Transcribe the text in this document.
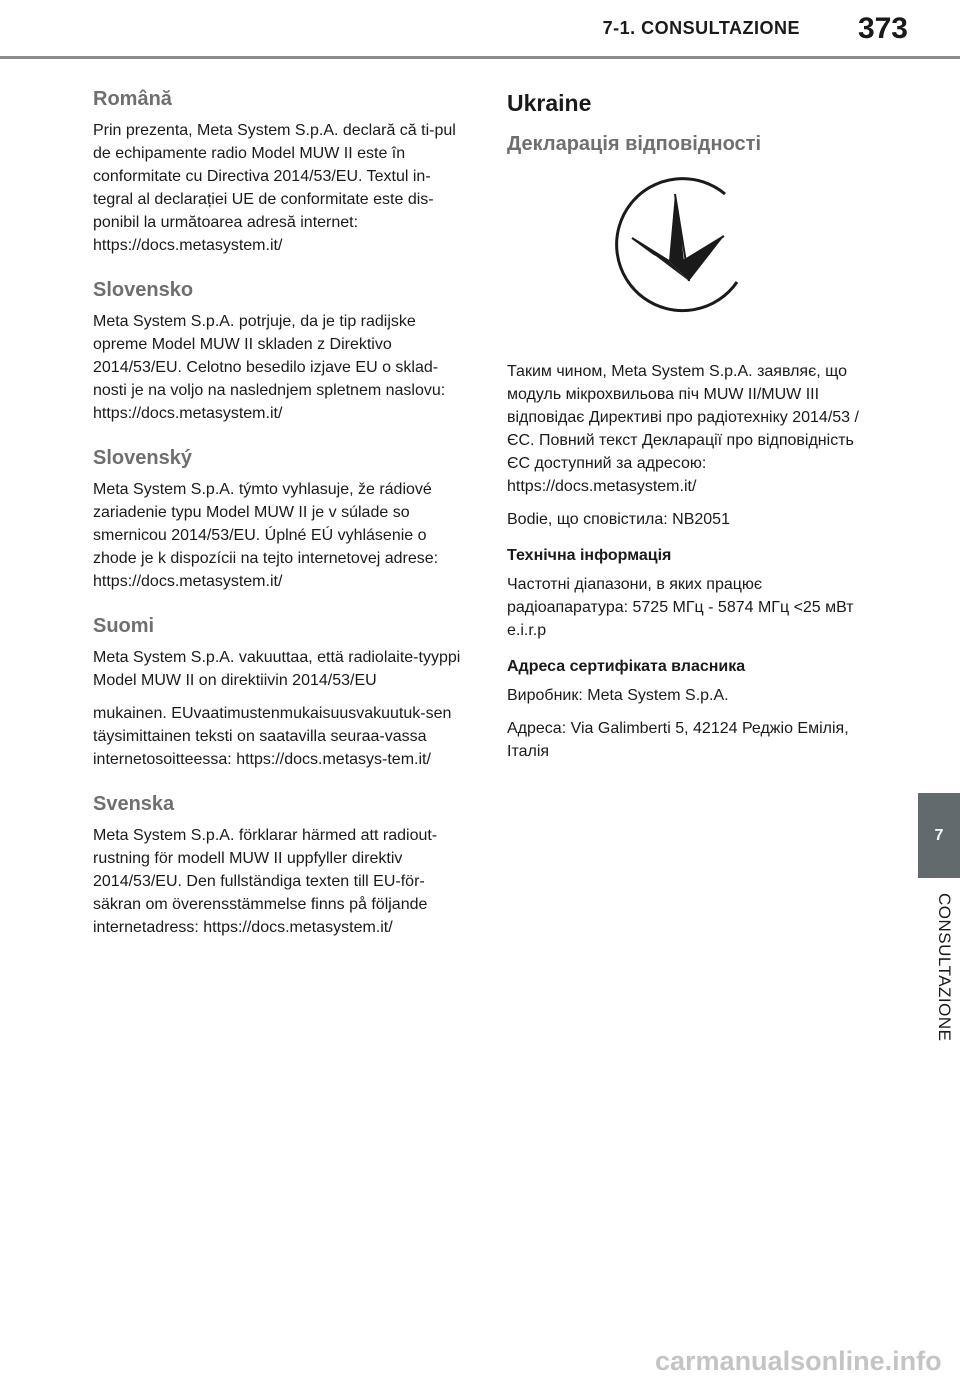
7-1. CONSULTAZIONE 373
Română

Prin prezenta, Meta System S.p.A. declară că ti-pul de echipamente radio Model MUW II este în conformitate cu Directiva 2014/53/EU. Textul in-tegral al declarației UE de conformitate este dis-ponibil la următoarea adresă internet: https://docs.metasystem.it/

Slovensko

Meta System S.p.A. potrjuje, da je tip radijske opreme Model MUW II skladen z Direktivo 2014/53/EU. Celotno besedilo izjave EU o sklad-nosti je na voljo na naslednjem spletnem naslovu: https://docs.metasystem.it/

Slovenský

Meta System S.p.A. týmto vyhlasuje, že rádiové zariadenie typu Model MUW II je v súlade so smernicou 2014/53/EU. Úplné EÚ vyhlásenie o zhode je k dispozícii na tejto internetovej adrese: https://docs.metasystem.it/

Suomi

Meta System S.p.A. vakuuttaa, että radiolaite-tyyppi Model MUW II on direktiivin 2014/53/EU

mukainen. EUvaatimustenmukaisuusvakuutuk-sen täysimittainen teksti on saatavilla seuraa-vassa internetosoitteessa: https://docs.metasys-tem.it/

Svenska

Meta System S.p.A. förklarar härmed att radiout-rustning för modell MUW II uppfyller direktiv 2014/53/EU. Den fullständiga texten till EU-för-säkran om överensstämmelse finns på följande internetadress: https://docs.metasystem.it/

Ukraine
Декларація відповідності

Таким чином, Meta System S.p.A. заявляє, що модуль мікрохвильова піч MUW II/MUW III відповідає Директиві про радіотехніку 2014/53 / ЄС. Повний текст Декларації про відповідність ЄС доступний за адресою: https://docs.metasystem.it/

Bodie, що сповістила: NB2051

Технічна інформація

Частотні діапазони, в яких працює радіоапаратура: 5725 МГц - 5874 МГц <25 мВт e.i.r.p

Адреса сертифіката власника

Виробник: Meta System S.p.A.

Адреса: Via Galimberti 5, 42124 Реджіо Емілія, Італія

7
CONSULTAZIONE
carmanualsonline.info
